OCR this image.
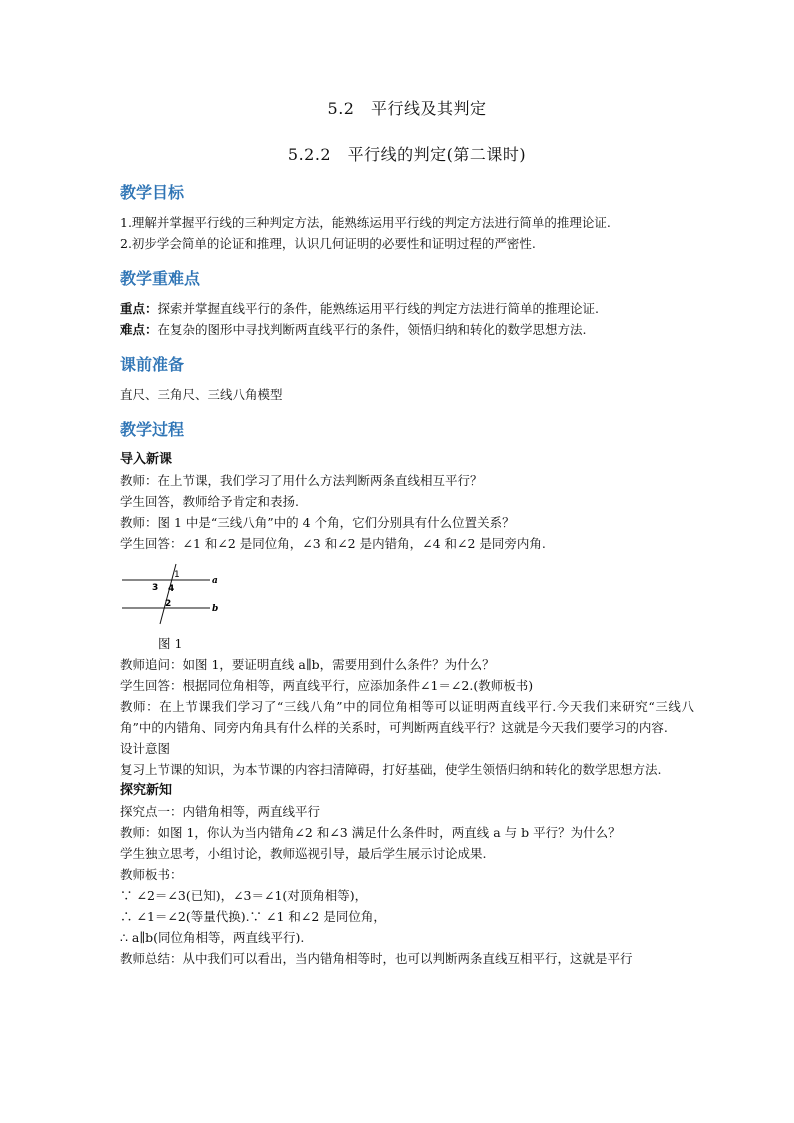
5.2　平行线及其判定
5.2.2　平行线的判定(第二课时)
教学目标

1.理解并掌握平行线的三种判定方法，能熟练运用平行线的判定方法进行简单的推理论证.

2.初步学会简单的论证和推理，认识几何证明的必要性和证明过程的严密性.

教学重难点

重点：探索并掌握直线平行的条件，能熟练运用平行线的判定方法进行简单的推理论证.

难点：在复杂的图形中寻找判断两直线平行的条件，领悟归纳和转化的数学思想方法.

课前准备

直尺、三角尺、三线八角模型

教学过程

导入新课

教师：在上节课，我们学习了用什么方法判断两条直线相互平行？

学生回答，教师给予肯定和表扬.

教师：图 1 中是“三线八角”中的 4 个角，它们分别具有什么位置关系？

学生回答：∠1 和∠2 是同位角，∠3 和∠2 是内错角，∠4 和∠2 是同旁内角.

1
4
3
2
a
b

图 1

教师追问：如图 1，要证明直线 a∥b，需要用到什么条件？为什么？

学生回答：根据同位角相等，两直线平行，应添加条件∠1＝∠2.(教师板书)

教师：在上节课我们学习了“三线八角”中的同位角相等可以证明两直线平行.今天我们来研究“三线八角”中的内错角、同旁内角具有什么样的关系时，可判断两直线平行？这就是今天我们要学习的内容.

设计意图

复习上节课的知识，为本节课的内容扫清障碍，打好基础，使学生领悟归纳和转化的数学思想方法.

探究新知

探究点一：内错角相等，两直线平行

教师：如图 1，你认为当内错角∠2 和∠3 满足什么条件时，两直线 a 与 b 平行？为什么？

学生独立思考，小组讨论，教师巡视引导，最后学生展示讨论成果.

教师板书：

∵ ∠2＝∠3(已知)，∠3＝∠1(对顶角相等)，

∴ ∠1＝∠2(等量代换).∵ ∠1 和∠2 是同位角，

∴ a∥b(同位角相等，两直线平行).

教师总结：从中我们可以看出，当内错角相等时，也可以判断两条直线互相平行，这就是平行
